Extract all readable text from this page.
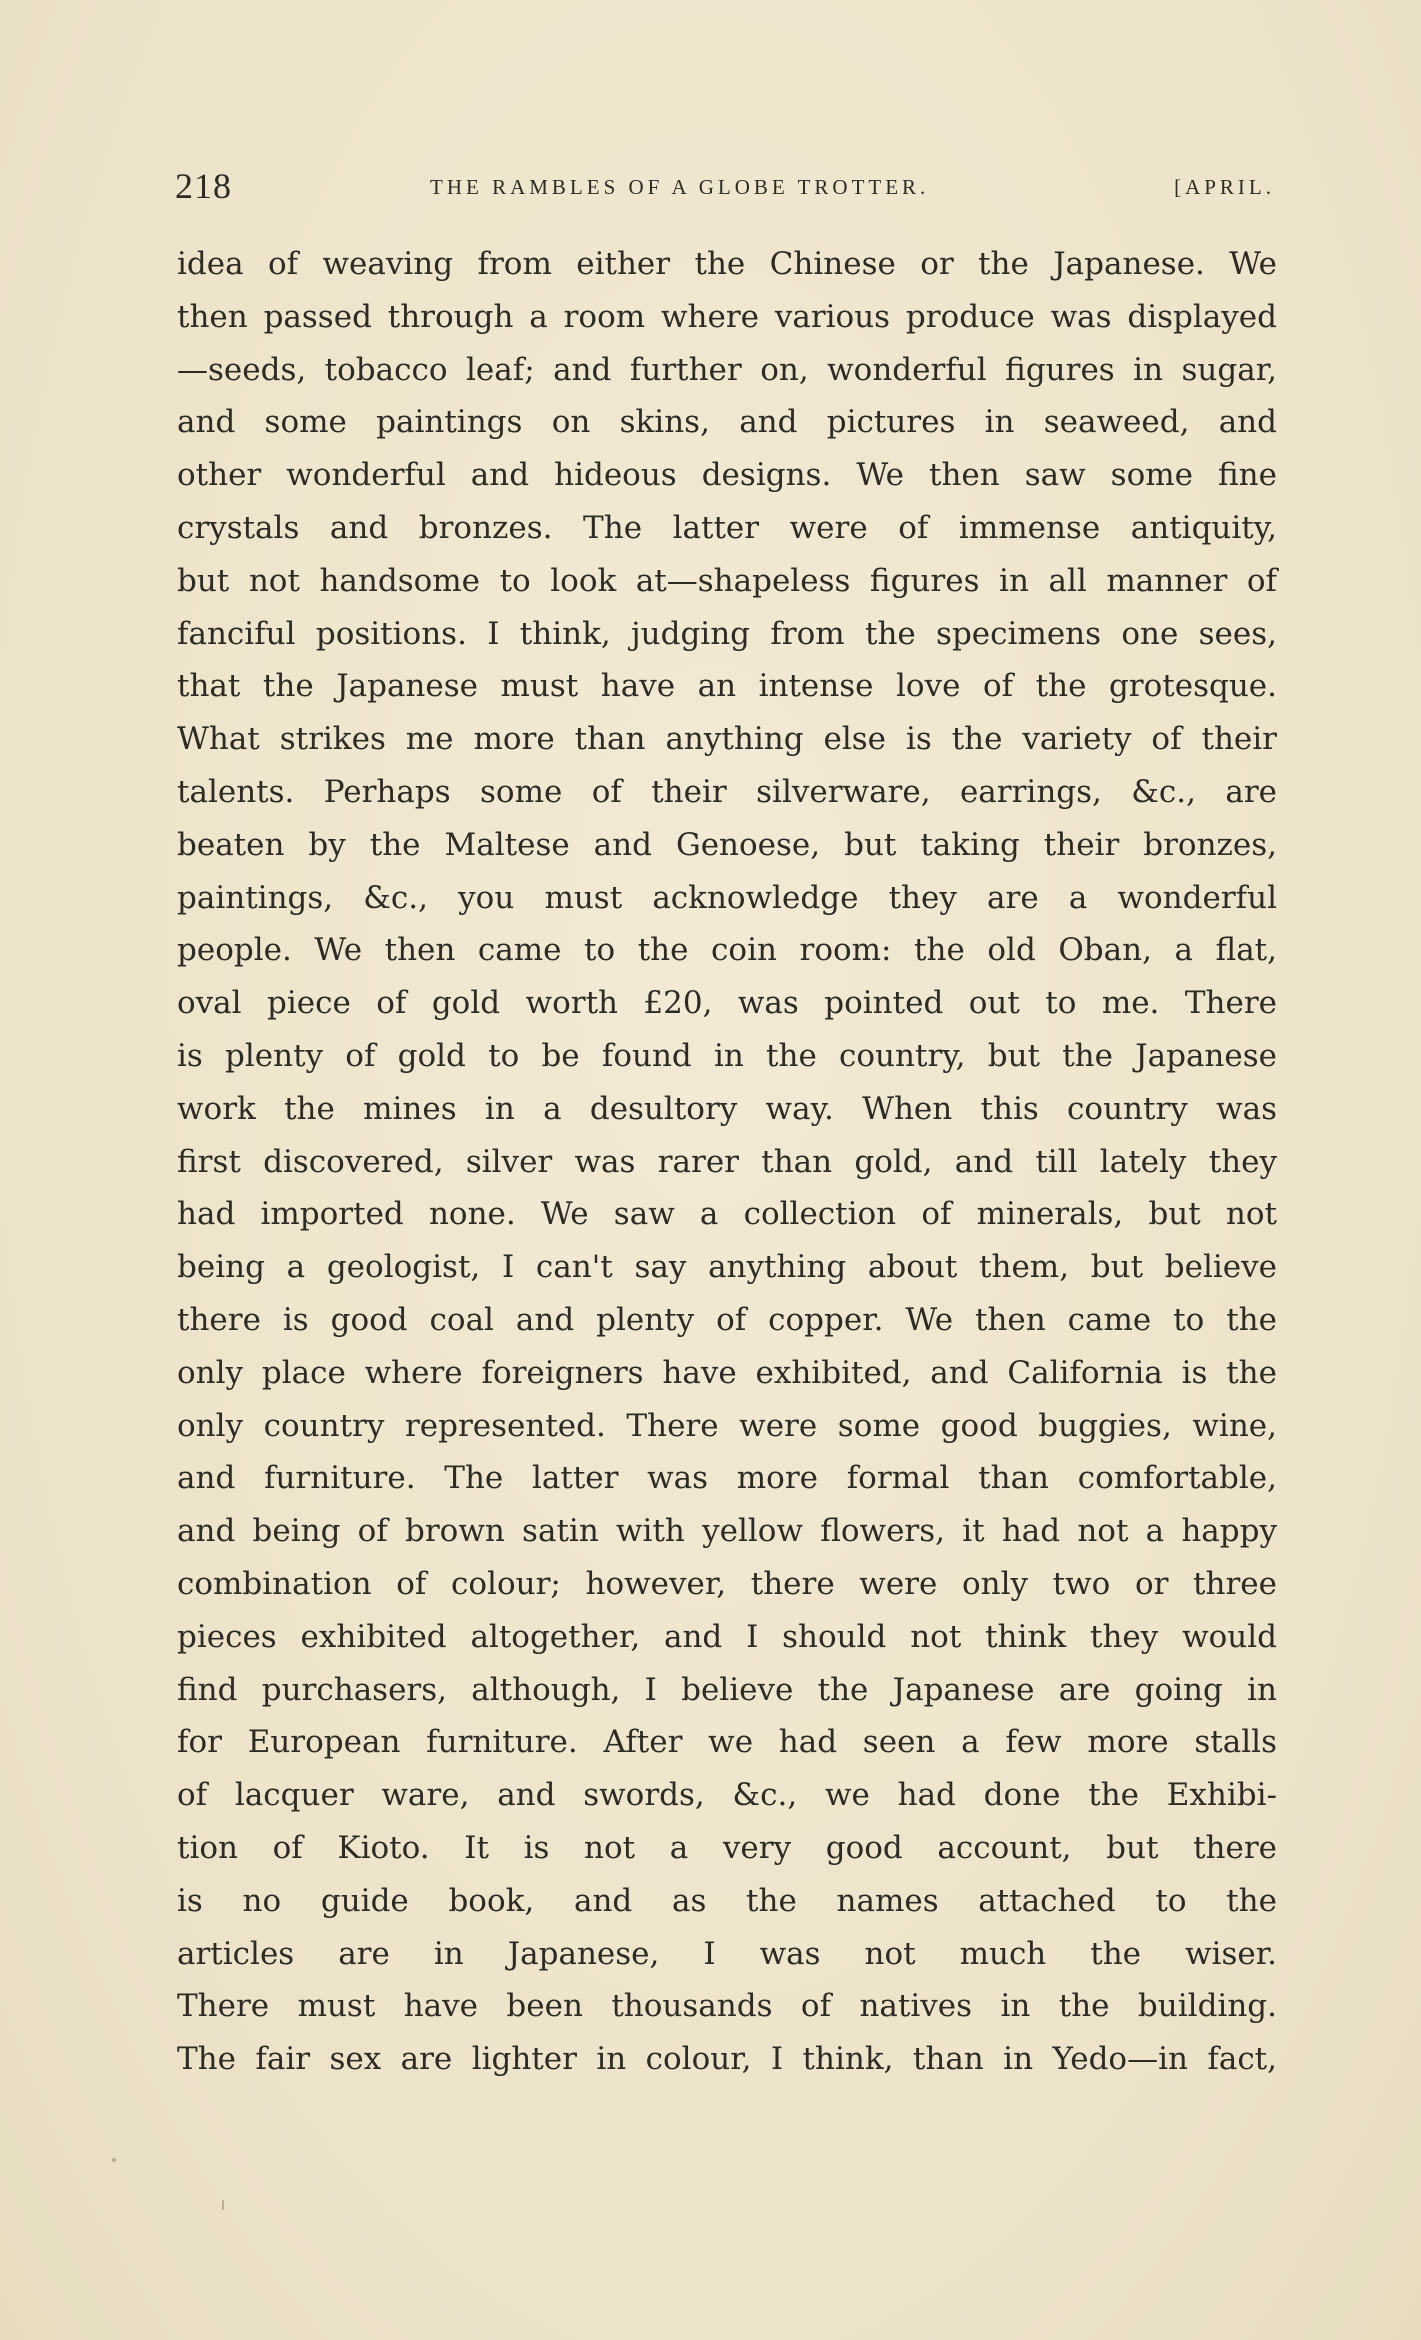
218	THE RAMBLES OF A GLOBE TROTTER.	[APRIL.
idea of weaving from either the Chinese or the Japanese. We
then passed through a room where various produce was displayed
—seeds, tobacco leaf; and further on, wonderful figures in sugar,
and some paintings on skins, and pictures in seaweed, and
other wonderful and hideous designs. We then saw some fine
crystals and bronzes. The latter were of immense antiquity,
but not handsome to look at—shapeless figures in all manner of
fanciful positions. I think, judging from the specimens one sees,
that the Japanese must have an intense love of the grotesque.
What strikes me more than anything else is the variety of their
talents. Perhaps some of their silverware, earrings, &c., are
beaten by the Maltese and Genoese, but taking their bronzes,
paintings, &c., you must acknowledge they are a wonderful
people. We then came to the coin room: the old Oban, a flat,
oval piece of gold worth £20, was pointed out to me. There
is plenty of gold to be found in the country, but the Japanese
work the mines in a desultory way. When this country was
first discovered, silver was rarer than gold, and till lately they
had imported none. We saw a collection of minerals, but not
being a geologist, I can't say anything about them, but believe
there is good coal and plenty of copper. We then came to the
only place where foreigners have exhibited, and California is the
only country represented. There were some good buggies, wine,
and furniture. The latter was more formal than comfortable,
and being of brown satin with yellow flowers, it had not a happy
combination of colour; however, there were only two or three
pieces exhibited altogether, and I should not think they would
find purchasers, although, I believe the Japanese are going in
for European furniture. After we had seen a few more stalls
of lacquer ware, and swords, &c., we had done the Exhibi-
tion of Kioto. It is not a very good account, but there
is no guide book, and as the names attached to the
articles are in Japanese, I was not much the wiser.
There must have been thousands of natives in the building.
The fair sex are lighter in colour, I think, than in Yedo—in fact,
